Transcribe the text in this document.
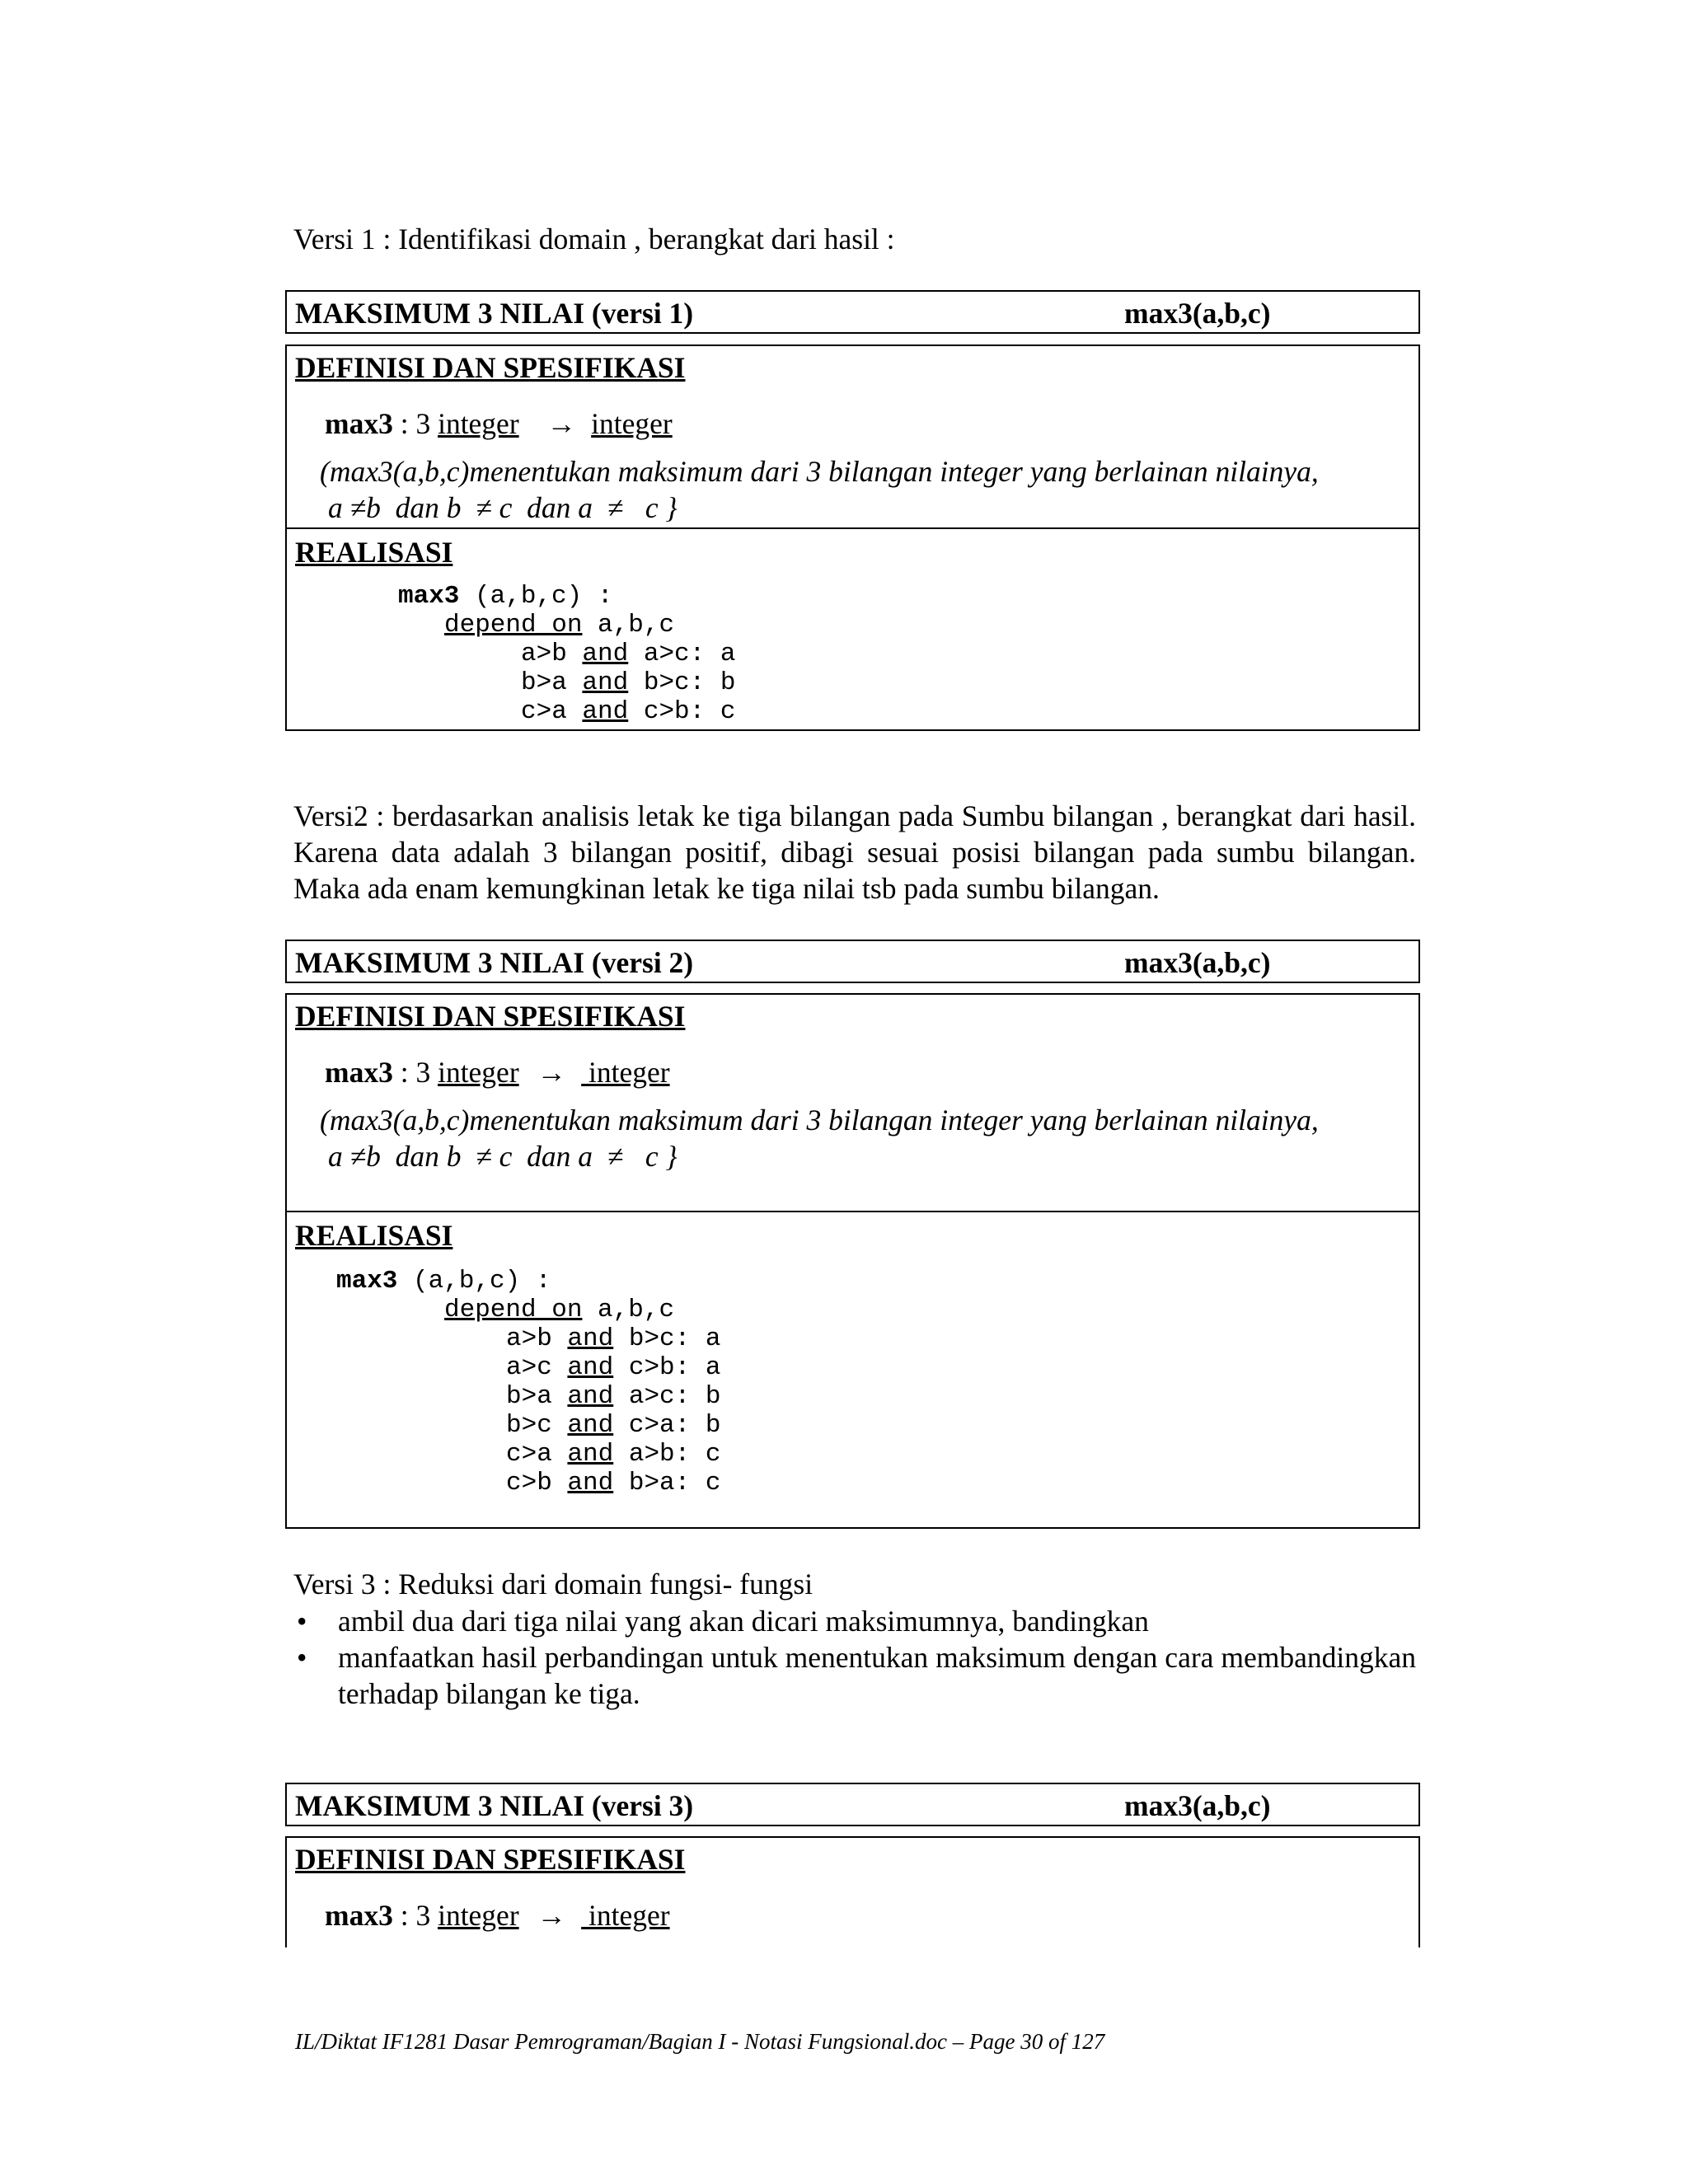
Versi 1 : Identifikasi domain , berangkat dari hasil :
MAKSIMUM 3 NILAI (versi 1)	max3(a,b,c)
DEFINISI DAN SPESIFIKASI
max3 : 3 integer → integer
(max3(a,b,c)menentukan maksimum dari 3 bilangan integer yang berlainan nilainya,
a ≠b  dan b  ≠ c  dan a  ≠   c }
REALISASI
max3 (a,b,c) :
depend on a,b,c
a>b and a>c: a
b>a and b>c: b
c>a and c>b: c
Versi2 : berdasarkan analisis letak ke tiga bilangan pada Sumbu bilangan , berangkat dari hasil. Karena data adalah 3 bilangan positif, dibagi sesuai posisi bilangan pada sumbu bilangan. Maka ada enam kemungkinan letak ke tiga nilai tsb pada sumbu bilangan.
MAKSIMUM 3 NILAI (versi 2)	max3(a,b,c)
DEFINISI DAN SPESIFIKASI
max3 : 3 integer → integer
(max3(a,b,c)menentukan maksimum dari 3 bilangan integer yang berlainan nilainya,
a ≠b  dan b  ≠ c  dan a  ≠   c }
REALISASI
max3 (a,b,c) :
depend on a,b,c
a>b and b>c: a
a>c and c>b: a
b>a and a>c: b
b>c and c>a: b
c>a and a>b: c
c>b and b>a: c
Versi 3 : Reduksi dari domain fungsi- fungsi
• ambil dua dari tiga nilai yang akan dicari maksimumnya, bandingkan
• manfaatkan hasil perbandingan untuk menentukan maksimum dengan cara membandingkan terhadap bilangan ke tiga.
MAKSIMUM 3 NILAI (versi 3)	max3(a,b,c)
DEFINISI DAN SPESIFIKASI
max3 : 3 integer → integer
IL/Diktat IF1281 Dasar Pemrograman/Bagian I - Notasi Fungsional.doc – Page 30 of 127
